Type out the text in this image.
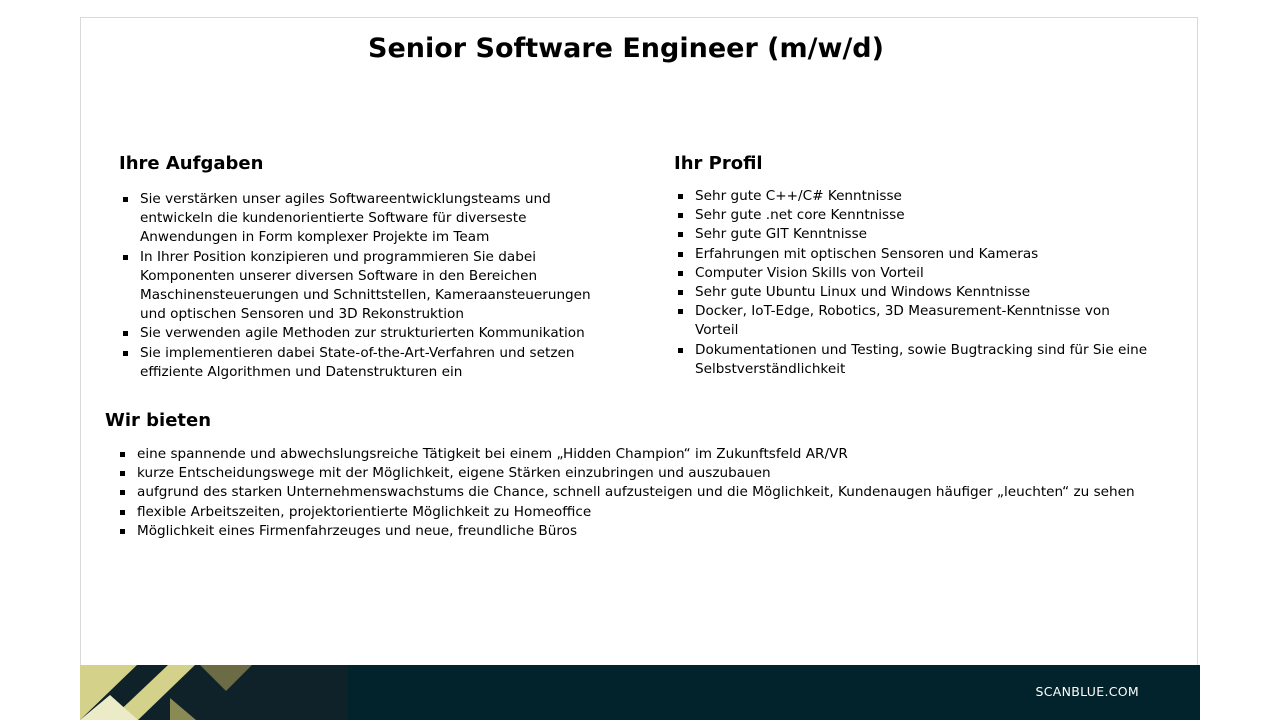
Senior Software Engineer (m/w/d)
Ihre Aufgaben
Sie verstärken unser agiles Softwareentwicklungsteams und entwickeln die kundenorientierte Software für diverseste Anwendungen in Form komplexer Projekte im Team
In Ihrer Position konzipieren und programmieren Sie dabei Komponenten unserer diversen Software in den Bereichen Maschinensteuerungen und Schnittstellen, Kameraansteuerungen und optischen Sensoren und 3D Rekonstruktion
Sie verwenden agile Methoden zur strukturierten Kommunikation
Sie implementieren dabei State-of-the-Art-Verfahren und setzen effiziente Algorithmen und Datenstrukturen ein
Ihr Profil
Sehr gute C++/C# Kenntnisse
Sehr gute .net core Kenntnisse
Sehr gute GIT Kenntnisse
Erfahrungen mit optischen Sensoren und Kameras
Computer Vision Skills von Vorteil
Sehr gute Ubuntu Linux und Windows Kenntnisse
Docker, IoT-Edge, Robotics, 3D Measurement-Kenntnisse von Vorteil
Dokumentationen und Testing, sowie Bugtracking sind für Sie eine Selbstverständlichkeit
Wir bieten
eine spannende und abwechslungsreiche Tätigkeit bei einem „Hidden Champion“ im Zukunftsfeld AR/VR
kurze Entscheidungswege mit der Möglichkeit, eigene Stärken einzubringen und auszubauen
aufgrund des starken Unternehmenswachstums die Chance, schnell aufzusteigen und die Möglichkeit, Kundenaugen häufiger „leuchten“ zu sehen
flexible Arbeitszeiten, projektorientierte Möglichkeit zu Homeoffice
Möglichkeit eines Firmenfahrzeuges und neue, freundliche Büros
SCANBLUE.COM
